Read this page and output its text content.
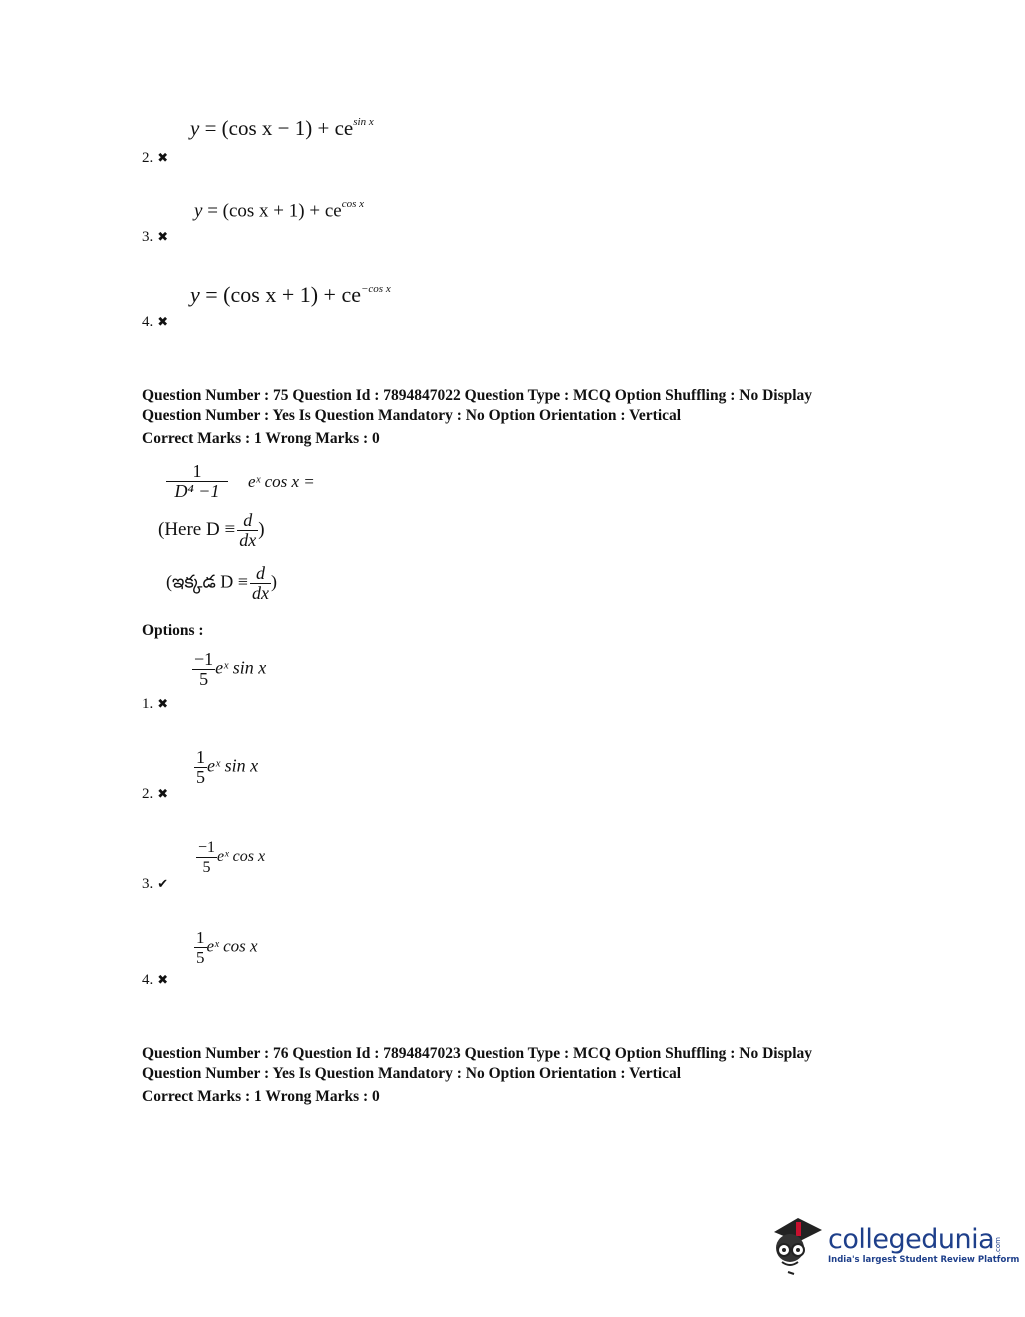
y = (cos $x - 1) + ce^{sin x}$
2. ✖
y = (cos $x + 1) + ce^{cos x}$
3. ✖
y = (cos $x + 1) + ce^{-cos x}$
4. ✖
Question Number : 75 Question Id : 7894847022 Question Type : MCQ Option Shuffling : No Display
Question Number : Yes Is Question Mandatory : No Option Orientation : Vertical
Correct Marks : 1 Wrong Marks : 0
$\frac{1}{\text{D⁴ −1}}$ eˣ cos x =
(Here $D \equiv \frac{d}{dx}$ )
(ఇక్కడ $D \equiv \frac{d}{dx}$ )
Options :
$\frac{-1}{5}$ eˣ sin x
1. ✖
$\frac{1}{5}$ eˣ sin x
2. ✖
$\frac{-1}{5}$ eˣ cos x
3. ✔
$\frac{1}{5}$ eˣ cos x
4. ✖
Question Number : 76 Question Id : 7894847023 Question Type : MCQ Option Shuffling : No Display
Question Number : Yes Is Question Mandatory : No Option Orientation : Vertical
Correct Marks : 1 Wrong Marks : 0
collegedunia .com
India's largest Student Review Platform
